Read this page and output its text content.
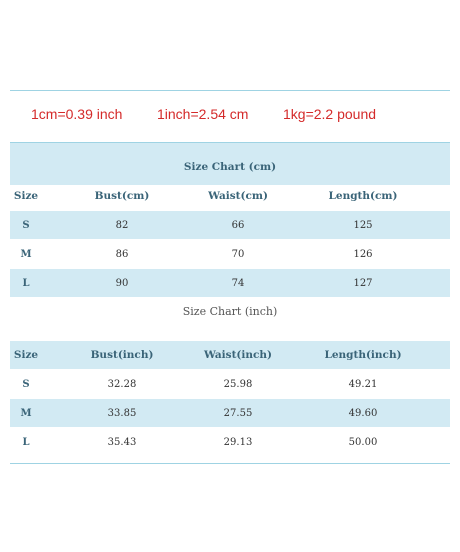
1cm=0.39 inch 1inch=2.54 cm 1kg=2.2 pound
Size Chart (cm)
Size	Bust(cm)	Waist(cm)	Length(cm)
S	82	66	125
M	86	70	126
L	90	74	127
Size Chart (inch)
Size	Bust(inch)	Waist(inch)	Length(inch)
S	32.28	25.98	49.21
M	33.85	27.55	49.60
L	35.43	29.13	50.00
